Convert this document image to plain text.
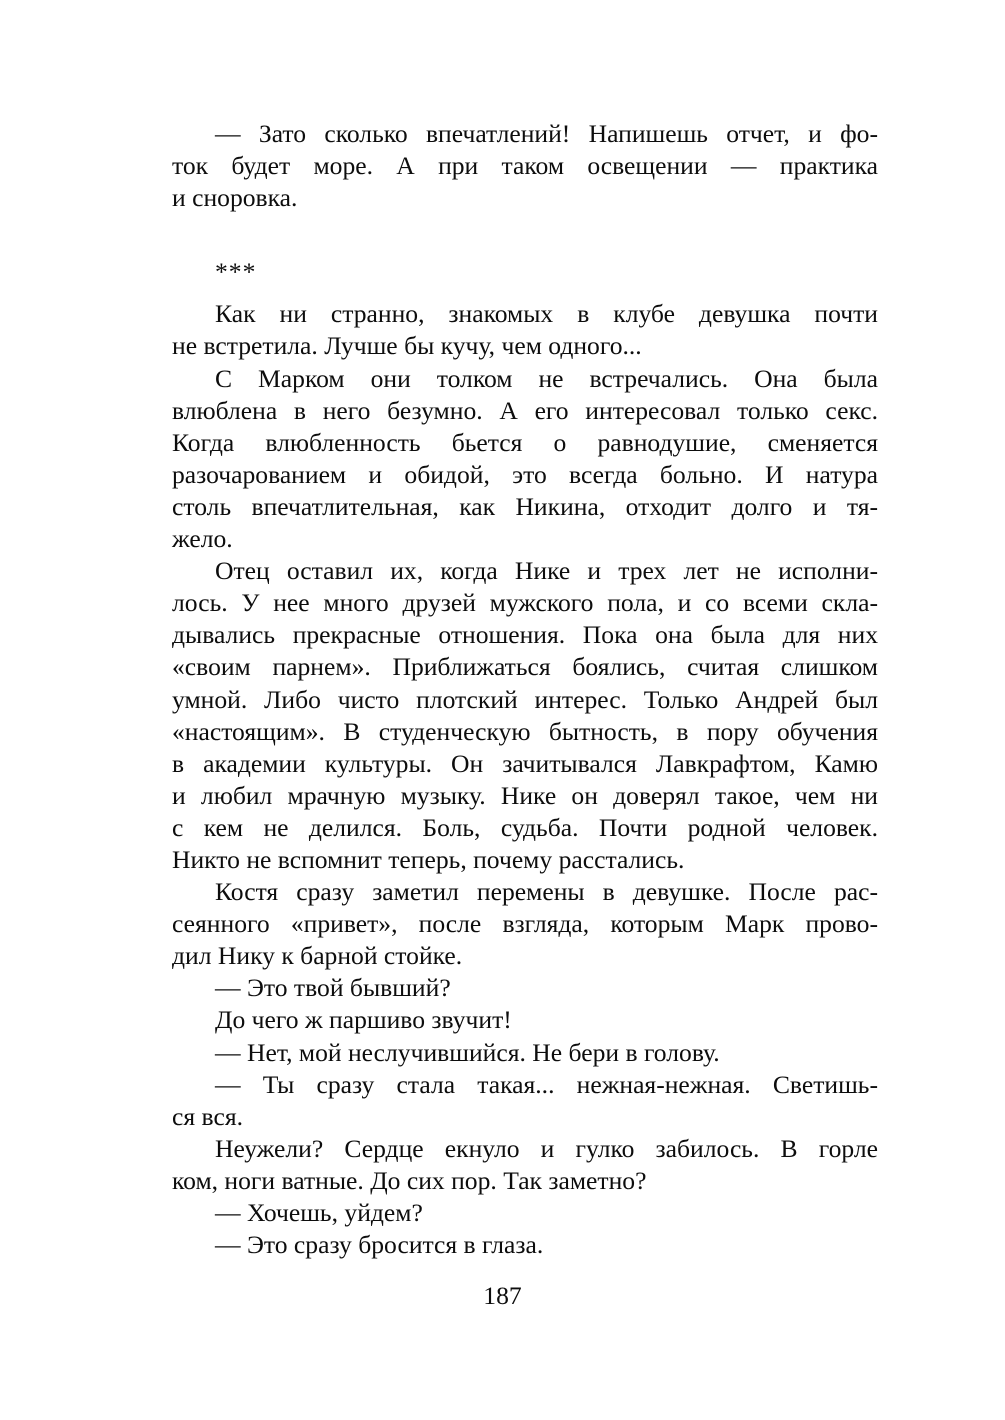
— Зато сколько впечатлений! Напишешь отчет, и фо-
ток будет море. А при таком освещении — практика
и сноровка.
***
Как ни странно, знакомых в клубе девушка почти
не встретила. Лучше бы кучу, чем одного...
С Марком они толком не встречались. Она была
влюблена в него безумно. А его интересовал только секс.
Когда влюбленность бьется о равнодушие, сменяется
разочарованием и обидой, это всегда больно. И натура
столь впечатлительная, как Никина, отходит долго и тя-
жело.
Отец оставил их, когда Нике и трех лет не исполни-
лось. У нее много друзей мужского пола, и со всеми скла-
дывались прекрасные отношения. Пока она была для них
«своим парнем». Приближаться боялись, считая слишком
умной. Либо чисто плотский интерес. Только Андрей был
«настоящим». В студенческую бытность, в пору обучения
в академии культуры. Он зачитывался Лавкрафтом, Камю
и любил мрачную музыку. Нике он доверял такое, чем ни
с кем не делился. Боль, судьба. Почти родной человек.
Никто не вспомнит теперь, почему расстались.
Костя сразу заметил перемены в девушке. После рас-
сеянного «привет», после взгляда, которым Марк прово-
дил Нику к барной стойке.
— Это твой бывший?
До чего ж паршиво звучит!
— Нет, мой неслучившийся. Не бери в голову.
— Ты сразу стала такая... нежная-нежная. Светишь-
ся вся.
Неужели? Сердце екнуло и гулко забилось. В горле
ком, ноги ватные. До сих пор. Так заметно?
— Хочешь, уйдем?
— Это сразу бросится в глаза.
187
